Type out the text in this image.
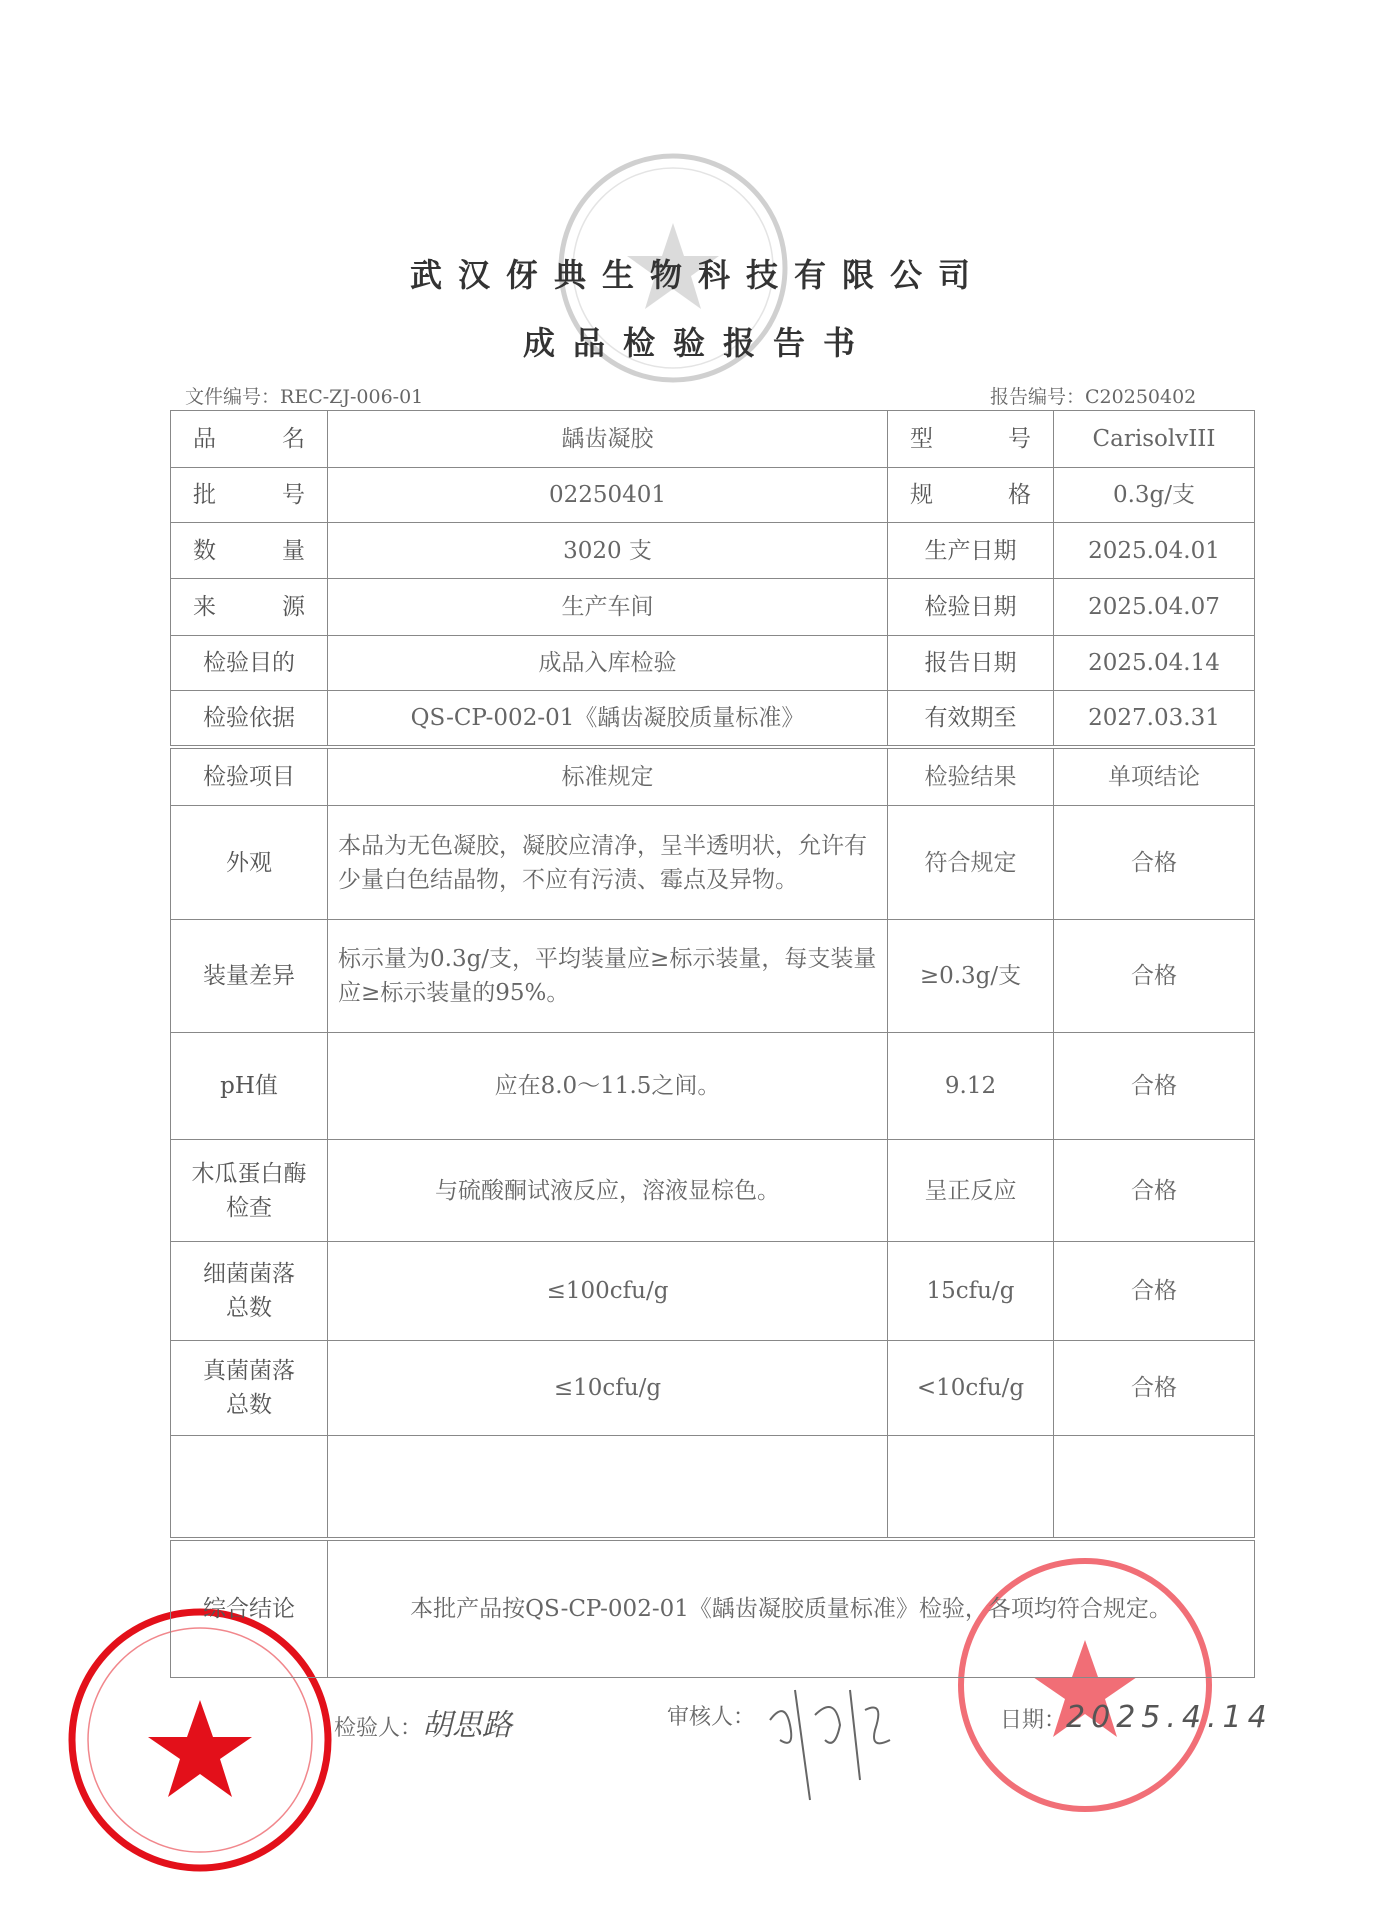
武汉伢典生物科技有限公司
成品检验报告书
文件编号：REC-ZJ-006-01	报告编号：C20250402
品名	龋齿凝胶	型号	CarisolvIII
批号	02250401	规格	0.3g/支
数量	3020 支	生产日期	2025.04.01
来源	生产车间	检验日期	2025.04.07
检验目的	成品入库检验	报告日期	2025.04.14
检验依据	QS-CP-002-01《龋齿凝胶质量标准》	有效期至	2027.03.31
检验项目	标准规定	检验结果	单项结论
外观	本品为无色凝胶，凝胶应清净，呈半透明状，允许有少量白色结晶物，不应有污渍、霉点及异物。	符合规定	合格
装量差异	标示量为0.3g/支，平均装量应≥标示装量，每支装量应≥标示装量的95%。	≥0.3g/支	合格
pH值	应在8.0～11.5之间。	9.12	合格
木瓜蛋白酶检查	与硫酸酮试液反应，溶液显棕色。	呈正反应	合格
细菌菌落总数	≤100cfu/g	15cfu/g	合格
真菌菌落总数	≤10cfu/g	<10cfu/g	合格

综合结论	本批产品按QS-CP-002-01《龋齿凝胶质量标准》检验，各项均符合规定。		
检验人：胡思路	审核人：	日期：2025.4.14
